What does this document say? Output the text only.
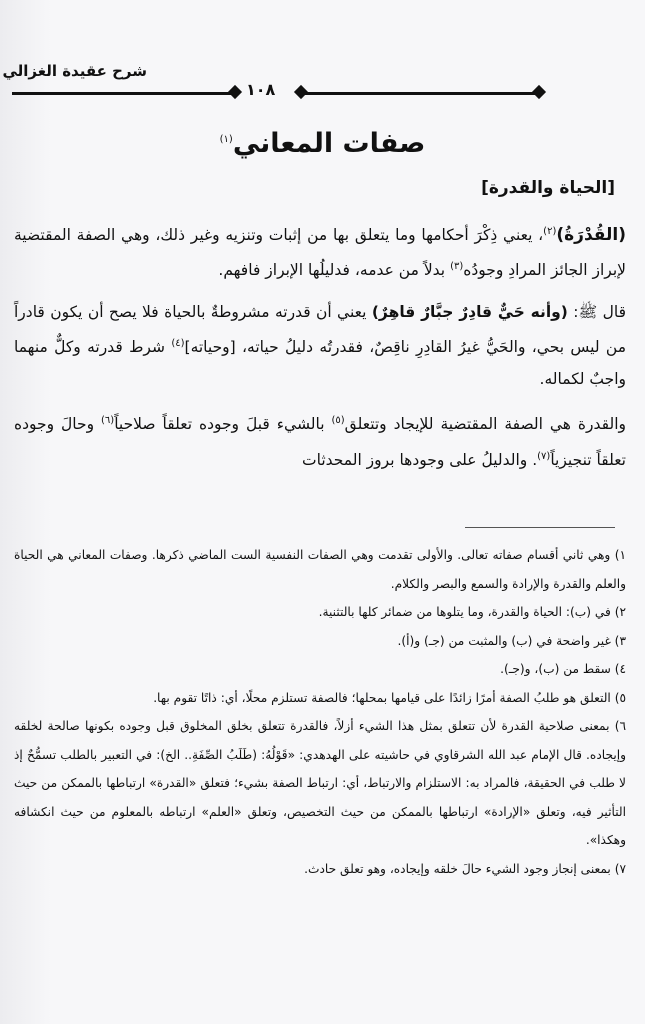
شرح عقيدة الغزالي
١٠٨
صفات المعاني$^{(١)}$
[الحياة والقدرة]

(القُدْرَةُ)$^{(٢)}$، يعني ذِكْرَ أحكامها وما يتعلق بها من إثبات وتنزيه وغير ذلك، وهي الصفة المقتضية لإبراز الجائز المرادِ وجودُه$^{(٣)}$ بدلاً من عدمه، فدليلُها الإبراز فافهم.

قال ﷺ: (وأنه حَيٌّ قادِرٌ جبَّارٌ قاهِرٌ) يعني أن قدرته مشروطةٌ بالحياة فلا يصح أن يكون قادراً من ليس بحي، والحَيُّ غيرُ القادِرِ ناقِصٌ، فقدرتُه دليلُ حياته، [وحياته]$^{(٤)}$ شرط قدرته وكلٌّ منهما واجبٌ لكماله.

والقدرة هي الصفة المقتضية للإيجاد وتتعلق$^{(٥)}$ بالشيء قبلَ وجوده تعلقاً صلاحياً$^{(٦)}$ وحالَ وجوده تعلقاً تنجيزياً$^{(٧)}$. والدليلُ على وجودها بروز المحدثات

١) وهي ثاني أقسام صفاته تعالى. والأولى تقدمت وهي الصفات النفسية الست الماضي ذكرها. وصفات المعاني هي الحياة والعلم والقدرة والإرادة والسمع والبصر والكلام.
٢) في (ب): الحياة والقدرة، وما يتلوها من ضمائر كلها بالتثنية.
٣) غير واضحة في (ب) والمثبت من (جـ) و(أ).
٤) سقط من (ب)، و(جـ).
٥) التعلق هو طلبُ الصفة أمرًا زائدًا على قيامها بمحلها؛ فالصفة تستلزم محلًا، أي: ذاتًا تقوم بها.
٦) بمعنى صلاحية القدرة لأن تتعلق بمثل هذا الشيء أزلاً، فالقدرة تتعلق بخلق المخلوق قبل وجوده بكونها صالحة لخلقه وإيجاده. قال الإمام عبد الله الشرقاوي في حاشيته على الهدهدي: «قَوْلُهُ: (طَلَبُ الصِّفَةِ.. الخ): في التعبير بالطلب تسمُّحٌ إذ لا طلب في الحقيقة، فالمراد به: الاستلزام والارتباط، أي: ارتباط الصفة بشيء؛ فتعلق «القدرة» ارتباطها بالممكن من حيث التأثير فيه، وتعلق «الإرادة» ارتباطها بالممكن من حيث التخصيص، وتعلق «العلم» ارتباطه بالمعلوم من حيث انكشافه وهكذا».
٧) بمعنى إنجاز وجود الشيء حالَ خلقه وإيجاده، وهو تعلق حادث.
